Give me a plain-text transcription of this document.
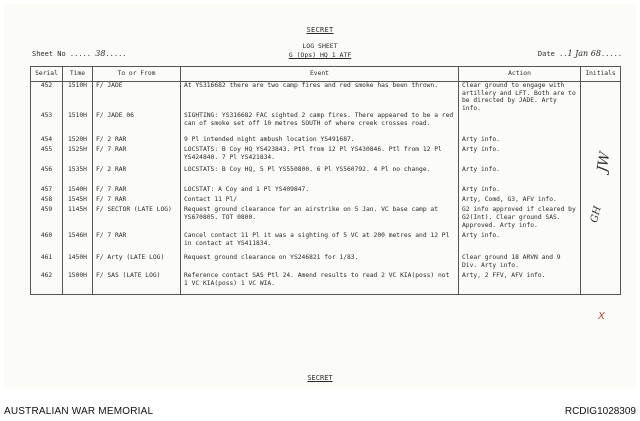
SECRET
LOG SHEET
G (Ops) HQ 1 ATF
Sheet No ..... 38.....	Date ..1 Jan 68.....
Serial	Time	To or From	Event	Action	Initials
452	1510H	F/ JADE	At YS316682 there are two camp fires and red smoke has been thrown.	Clear ground to engage with artillery and LFT. Both are to be directed by JADE. Arty info.	
453	1510H	F/ JADE 06	SIGHTING: YS316682 FAC sighted 2 camp fires. There appeared to be a red can of smoke set off 10 metres SOUTH of where creek crosses road.		
454	1520H	F/ 2 RAR	9 Pl intended night ambush location YS491687.	Arty info.	
455	1525H	F/ 7 RAR	LOCSTATS: B Coy HQ YS423843. Ptl from 12 Pl YS430846. Ptl from 12 Pl YS424840. 7 Pl YS421834.	Arty info.	
456	1535H	F/ 2 RAR	LOCSTATS: B Coy HQ, 5 Pl YS550800. 6 Pl YS560792. 4 Pl no change.	Arty info.	
457	1540H	F/ 7 RAR	LOCSTAT: A Coy and 1 Pl YS409847.	Arty info.	
458	1545H	F/ 7 RAR	Contact 11 Pl/	Arty, Comd, G3, AFV info.	
459	1145H	F/ SECTOR (LATE LOG)	Request ground clearance for an airstrike on 5 Jan. VC base camp at YS670805. TOT 0800.	G2 info approved if cleared by G2(Int). Clear ground SAS. Approved. Arty info.	
460	1546H	F/ 7 RAR	Cancel contact 11 Pl it was a sighting of 5 VC at 200 metres and 12 Pl in contact at YS411834.	Arty info.	
461	1450H	F/ Arty (LATE LOG)	Request ground clearance on YS246821 for 1/83.	Clear ground 18 ARVN and 9 Div. Arty info.	
462	1500H	F/ SAS (LATE LOG)	Reference contact SAS Ptl 24. Amend results to read 2 VC KIA(poss) not 1 VC KIA(poss) 1 VC WIA.	Arty, 2 FFV, AFV info.	
JW
GH
X
SECRET
AUSTRALIAN WAR MEMORIAL	RCDIG1028309
